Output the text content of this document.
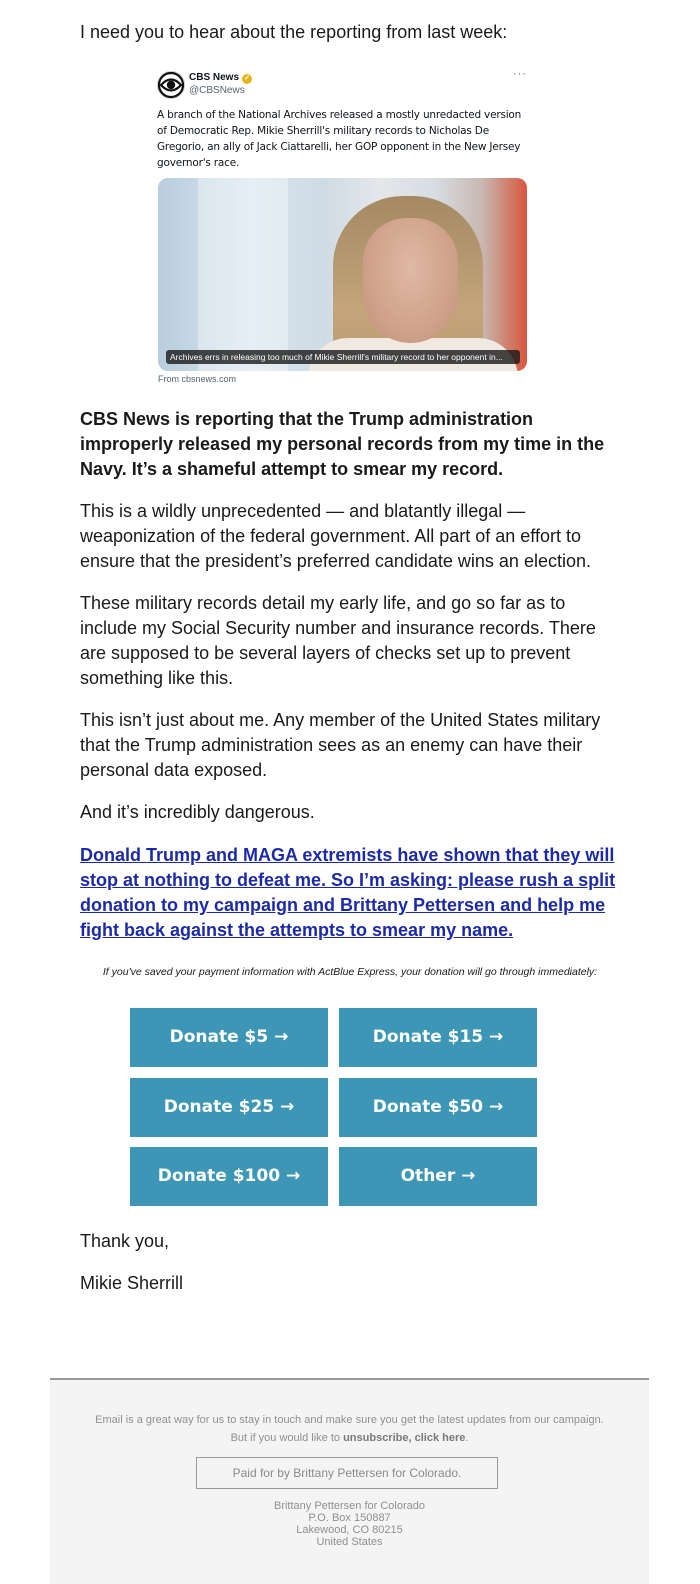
I need you to hear about the reporting from last week:

CBS News ✓
@CBSNews
···
A branch of the National Archives released a mostly unredacted version of Democratic Rep. Mikie Sherrill's military records to Nicholas De Gregorio, an ally of Jack Ciattarelli, her GOP opponent in the New Jersey governor's race.
Archives errs in releasing too much of Mikie Sherrill's military record to her opponent in...
From cbsnews.com

CBS News is reporting that the Trump administration improperly released my personal records from my time in the Navy. It’s a shameful attempt to smear my record.

This is a wildly unprecedented — and blatantly illegal — weaponization of the federal government. All part of an effort to ensure that the president’s preferred candidate wins an election.

These military records detail my early life, and go so far as to include my Social Security number and insurance records. There are supposed to be several layers of checks set up to prevent something like this.

This isn’t just about me. Any member of the United States military that the Trump administration sees as an enemy can have their personal data exposed.

And it’s incredibly dangerous.

Donald Trump and MAGA extremists have shown that they will stop at nothing to defeat me. So I’m asking: please rush a split donation to my campaign and Brittany Pettersen and help me fight back against the attempts to smear my name.

If you've saved your payment information with ActBlue Express, your donation will go through immediately:
Donate $5 →	Donate $15 →
Donate $25 →	Donate $50 →
Donate $100 →	Other →

Thank you,

Mikie Sherrill

Email is a great way for us to stay in touch and make sure you get the latest updates from our campaign.
But if you would like to unsubscribe, click here.
Paid for by Brittany Pettersen for Colorado.
Brittany Pettersen for Colorado
P.O. Box 150887
Lakewood, CO 80215
United States
